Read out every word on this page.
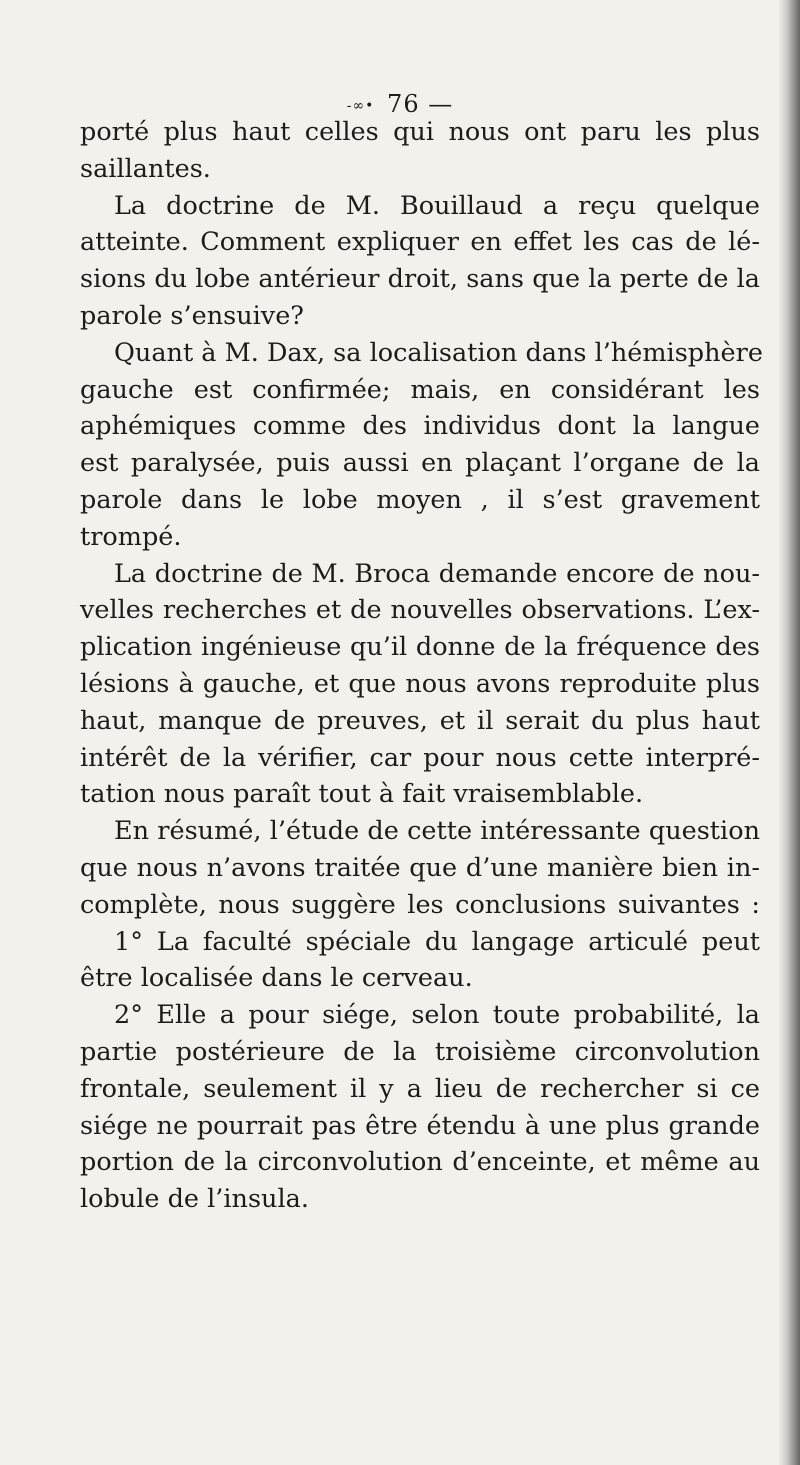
-∞• 76 —
porté plus haut celles qui nous ont paru les plus
saillantes.
La doctrine de M. Bouillaud a reçu quelque
atteinte. Comment expliquer en effet les cas de lé-
sions du lobe antérieur droit, sans que la perte de la
parole s’ensuive?
Quant à M. Dax, sa localisation dans l’hémisphère
gauche est confirmée; mais, en considérant les
aphémiques comme des individus dont la langue
est paralysée, puis aussi en plaçant l’organe de la
parole dans le lobe moyen , il s’est gravement
trompé.
La doctrine de M. Broca demande encore de nou-
velles recherches et de nouvelles observations. L’ex-
plication ingénieuse qu’il donne de la fréquence des
lésions à gauche, et que nous avons reproduite plus
haut, manque de preuves, et il serait du plus haut
intérêt de la vérifier, car pour nous cette interpré-
tation nous paraît tout à fait vraisemblable.
En résumé, l’étude de cette intéressante question
que nous n’avons traitée que d’une manière bien in-
complète, nous suggère les conclusions suivantes :
1° La faculté spéciale du langage articulé peut
être localisée dans le cerveau.
2° Elle a pour siége, selon toute probabilité, la
partie postérieure de la troisième circonvolution
frontale, seulement il y a lieu de rechercher si ce
siége ne pourrait pas être étendu à une plus grande
portion de la circonvolution d’enceinte, et même au
lobule de l’insula.
